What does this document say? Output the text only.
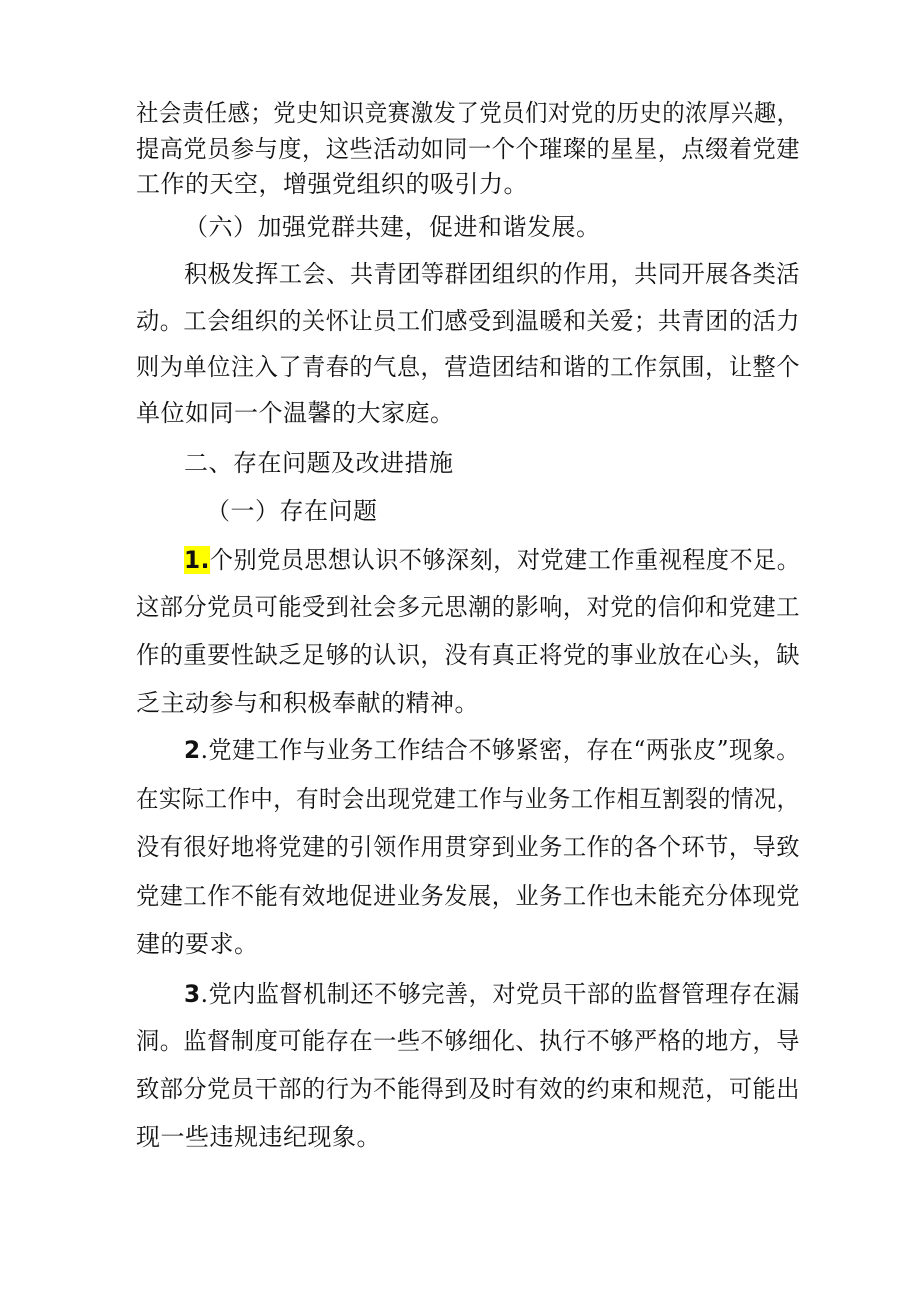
社会责任感；党史知识竞赛激发了党员们对党的历史的浓厚兴趣，
提高党员参与度，这些活动如同一个个璀璨的星星，点缀着党建
工作的天空，增强党组织的吸引力。
（六）加强党群共建，促进和谐发展。
积极发挥工会、共青团等群团组织的作用，共同开展各类活
动。工会组织的关怀让员工们感受到温暖和关爱；共青团的活力
则为单位注入了青春的气息，营造团结和谐的工作氛围，让整个
单位如同一个温馨的大家庭。
二、存在问题及改进措施
（一）存在问题
1.个别党员思想认识不够深刻，对党建工作重视程度不足。
这部分党员可能受到社会多元思潮的影响，对党的信仰和党建工
作的重要性缺乏足够的认识，没有真正将党的事业放在心头，缺
乏主动参与和积极奉献的精神。
2.党建工作与业务工作结合不够紧密，存在“两张皮”现象。
在实际工作中，有时会出现党建工作与业务工作相互割裂的情况，
没有很好地将党建的引领作用贯穿到业务工作的各个环节，导致
党建工作不能有效地促进业务发展，业务工作也未能充分体现党
建的要求。
3.党内监督机制还不够完善，对党员干部的监督管理存在漏
洞。监督制度可能存在一些不够细化、执行不够严格的地方，导
致部分党员干部的行为不能得到及时有效的约束和规范，可能出
现一些违规违纪现象。
